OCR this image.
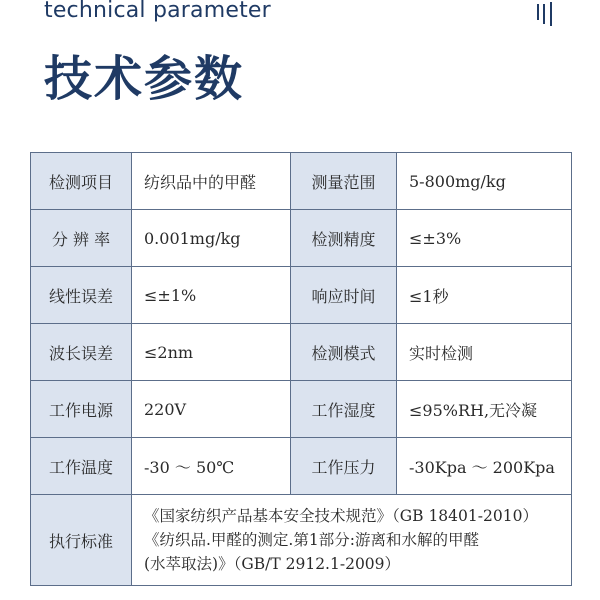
technical parameter
技术参数
检测项目	纺织品中的甲醛	测量范围	5-800mg/kg
分 辨 率	0.001mg/kg	检测精度	≤±3%
线性误差	≤±1%	响应时间	≤1秒
波长误差	≤2nm	检测模式	实时检测
工作电源	220V	工作湿度	≤95%RH,无冷凝
工作温度	-30 ～ 50℃	工作压力	-30Kpa ～ 200Kpa
执行标准	《国家纺织产品基本安全技术规范》（GB 18401-2010）
《纺织品.甲醛的测定.第1部分:游离和水解的甲醛
(水萃取法)》（GB/T 2912.1-2009）		
